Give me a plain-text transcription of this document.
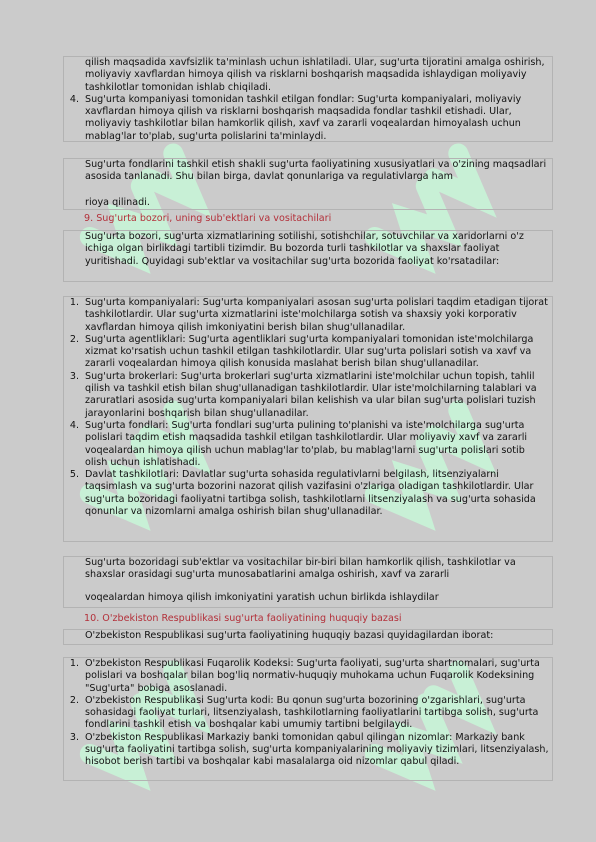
qilish maqsadida xavfsizlik ta'minlash uchun ishlatiladi. Ular, sug'urta tijoratini amalga oshirish, moliyaviy xavflardan himoya qilish va risklarni boshqarish maqsadida ishlaydigan moliyaviy tashkilotlar tomonidan ishlab chiqiladi.
4. Sug'urta kompaniyasi tomonidan tashkil etilgan fondlar: Sug'urta kompaniyalari, moliyaviy xavflardan himoya qilish va risklarni boshqarish maqsadida fondlar tashkil etishadi. Ular, moliyaviy tashkilotlar bilan hamkorlik qilish, xavf va zararli voqealardan himoyalash uchun mablag'lar to'plab, sug'urta polislarini ta'minlaydi.
Sug'urta fondlarini tashkil etish shakli sug'urta faoliyatining xususiyatlari va o'zining maqsadlari asosida tanlanadi. Shu bilan birga, davlat qonunlariga va regulativlarga ham
rioya qilinadi.
9. Sug'urta bozori, uning sub'ektlari va vositachilari
Sug'urta bozori, sug'urta xizmatlarining sotilishi, sotishchilar, sotuvchilar va xaridorlarni o'z ichiga olgan birlikdagi tartibli tizimdir. Bu bozorda turli tashkilotlar va shaxslar faoliyat yuritishadi. Quyidagi sub'ektlar va vositachilar sug'urta bozorida faoliyat ko'rsatadilar:
1. Sug'urta kompaniyalari: Sug'urta kompaniyalari asosan sug'urta polislari taqdim etadigan tijorat tashkilotlardir. Ular sug'urta xizmatlarini iste'molchilarga sotish va shaxsiy yoki korporativ xavflardan himoya qilish imkoniyatini berish bilan shug'ullanadilar.
2. Sug'urta agentliklari: Sug'urta agentliklari sug'urta kompaniyalari tomonidan iste'molchilarga xizmat ko'rsatish uchun tashkil etilgan tashkilotlardir. Ular sug'urta polislari sotish va xavf va zararli voqealardan himoya qilish konusida maslahat berish bilan shug'ullanadilar.
3. Sug'urta brokerlari: Sug'urta brokerlari sug'urta xizmatlarini iste'molchilar uchun topish, tahlil qilish va tashkil etish bilan shug'ullanadigan tashkilotlardir. Ular iste'molchilarning talablari va zaruratlari asosida sug'urta kompaniyalari bilan kelishish va ular bilan sug'urta polislari tuzish jarayonlarini boshqarish bilan shug'ullanadilar.
4. Sug'urta fondlari: Sug'urta fondlari sug'urta pulining to'planishi va iste'molchilarga sug'urta polislari taqdim etish maqsadida tashkil etilgan tashkilotlardir. Ular moliyaviy xavf va zararli voqealardan himoya qilish uchun mablag'lar to'plab, bu mablag'larni sug'urta polislari sotib olish uchun ishlatishadi.
5. Davlat tashkilotlari: Davlatlar sug'urta sohasida regulativlarni belgilash, litsenziyalarni taqsimlash va sug'urta bozorini nazorat qilish vazifasini o'zlariga oladigan tashkilotlardir. Ular sug'urta bozoridagi faoliyatni tartibga solish, tashkilotlarni litsenziyalash va sug'urta sohasida qonunlar va nizomlarni amalga oshirish bilan shug'ullanadilar.
Sug'urta bozoridagi sub'ektlar va vositachilar bir-biri bilan hamkorlik qilish, tashkilotlar va shaxslar orasidagi sug'urta munosabatlarini amalga oshirish, xavf va zararli
voqealardan himoya qilish imkoniyatini yaratish uchun birlikda ishlaydilar
10. O'zbekiston Respublikasi sug'urta faoliyatining huquqiy bazasi
O'zbekiston Respublikasi sug'urta faoliyatining huquqiy bazasi quyidagilardan iborat:
1. O'zbekiston Respublikasi Fuqarolik Kodeksi: Sug'urta faoliyati, sug'urta shartnomalari, sug'urta polislari va boshqalar bilan bog'liq normativ-huquqiy muhokama uchun Fuqarolik Kodeksining "Sug'urta" bobiga asoslanadi.
2. O'zbekiston Respublikasi Sug'urta kodi: Bu qonun sug'urta bozorining o'zgarishlari, sug'urta sohasidagi faoliyat turlari, litsenziyalash, tashkilotlarning faoliyatlarini tartibga solish, sug'urta fondlarini tashkil etish va boshqalar kabi umumiy tartibni belgilaydi.
3. O'zbekiston Respublikasi Markaziy banki tomonidan qabul qilingan nizomlar: Markaziy bank sug'urta faoliyatini tartibga solish, sug'urta kompaniyalarining moliyaviy tizimlari, litsenziyalash, hisobot berish tartibi va boshqalar kabi masalalarga oid nizomlar qabul qiladi.
